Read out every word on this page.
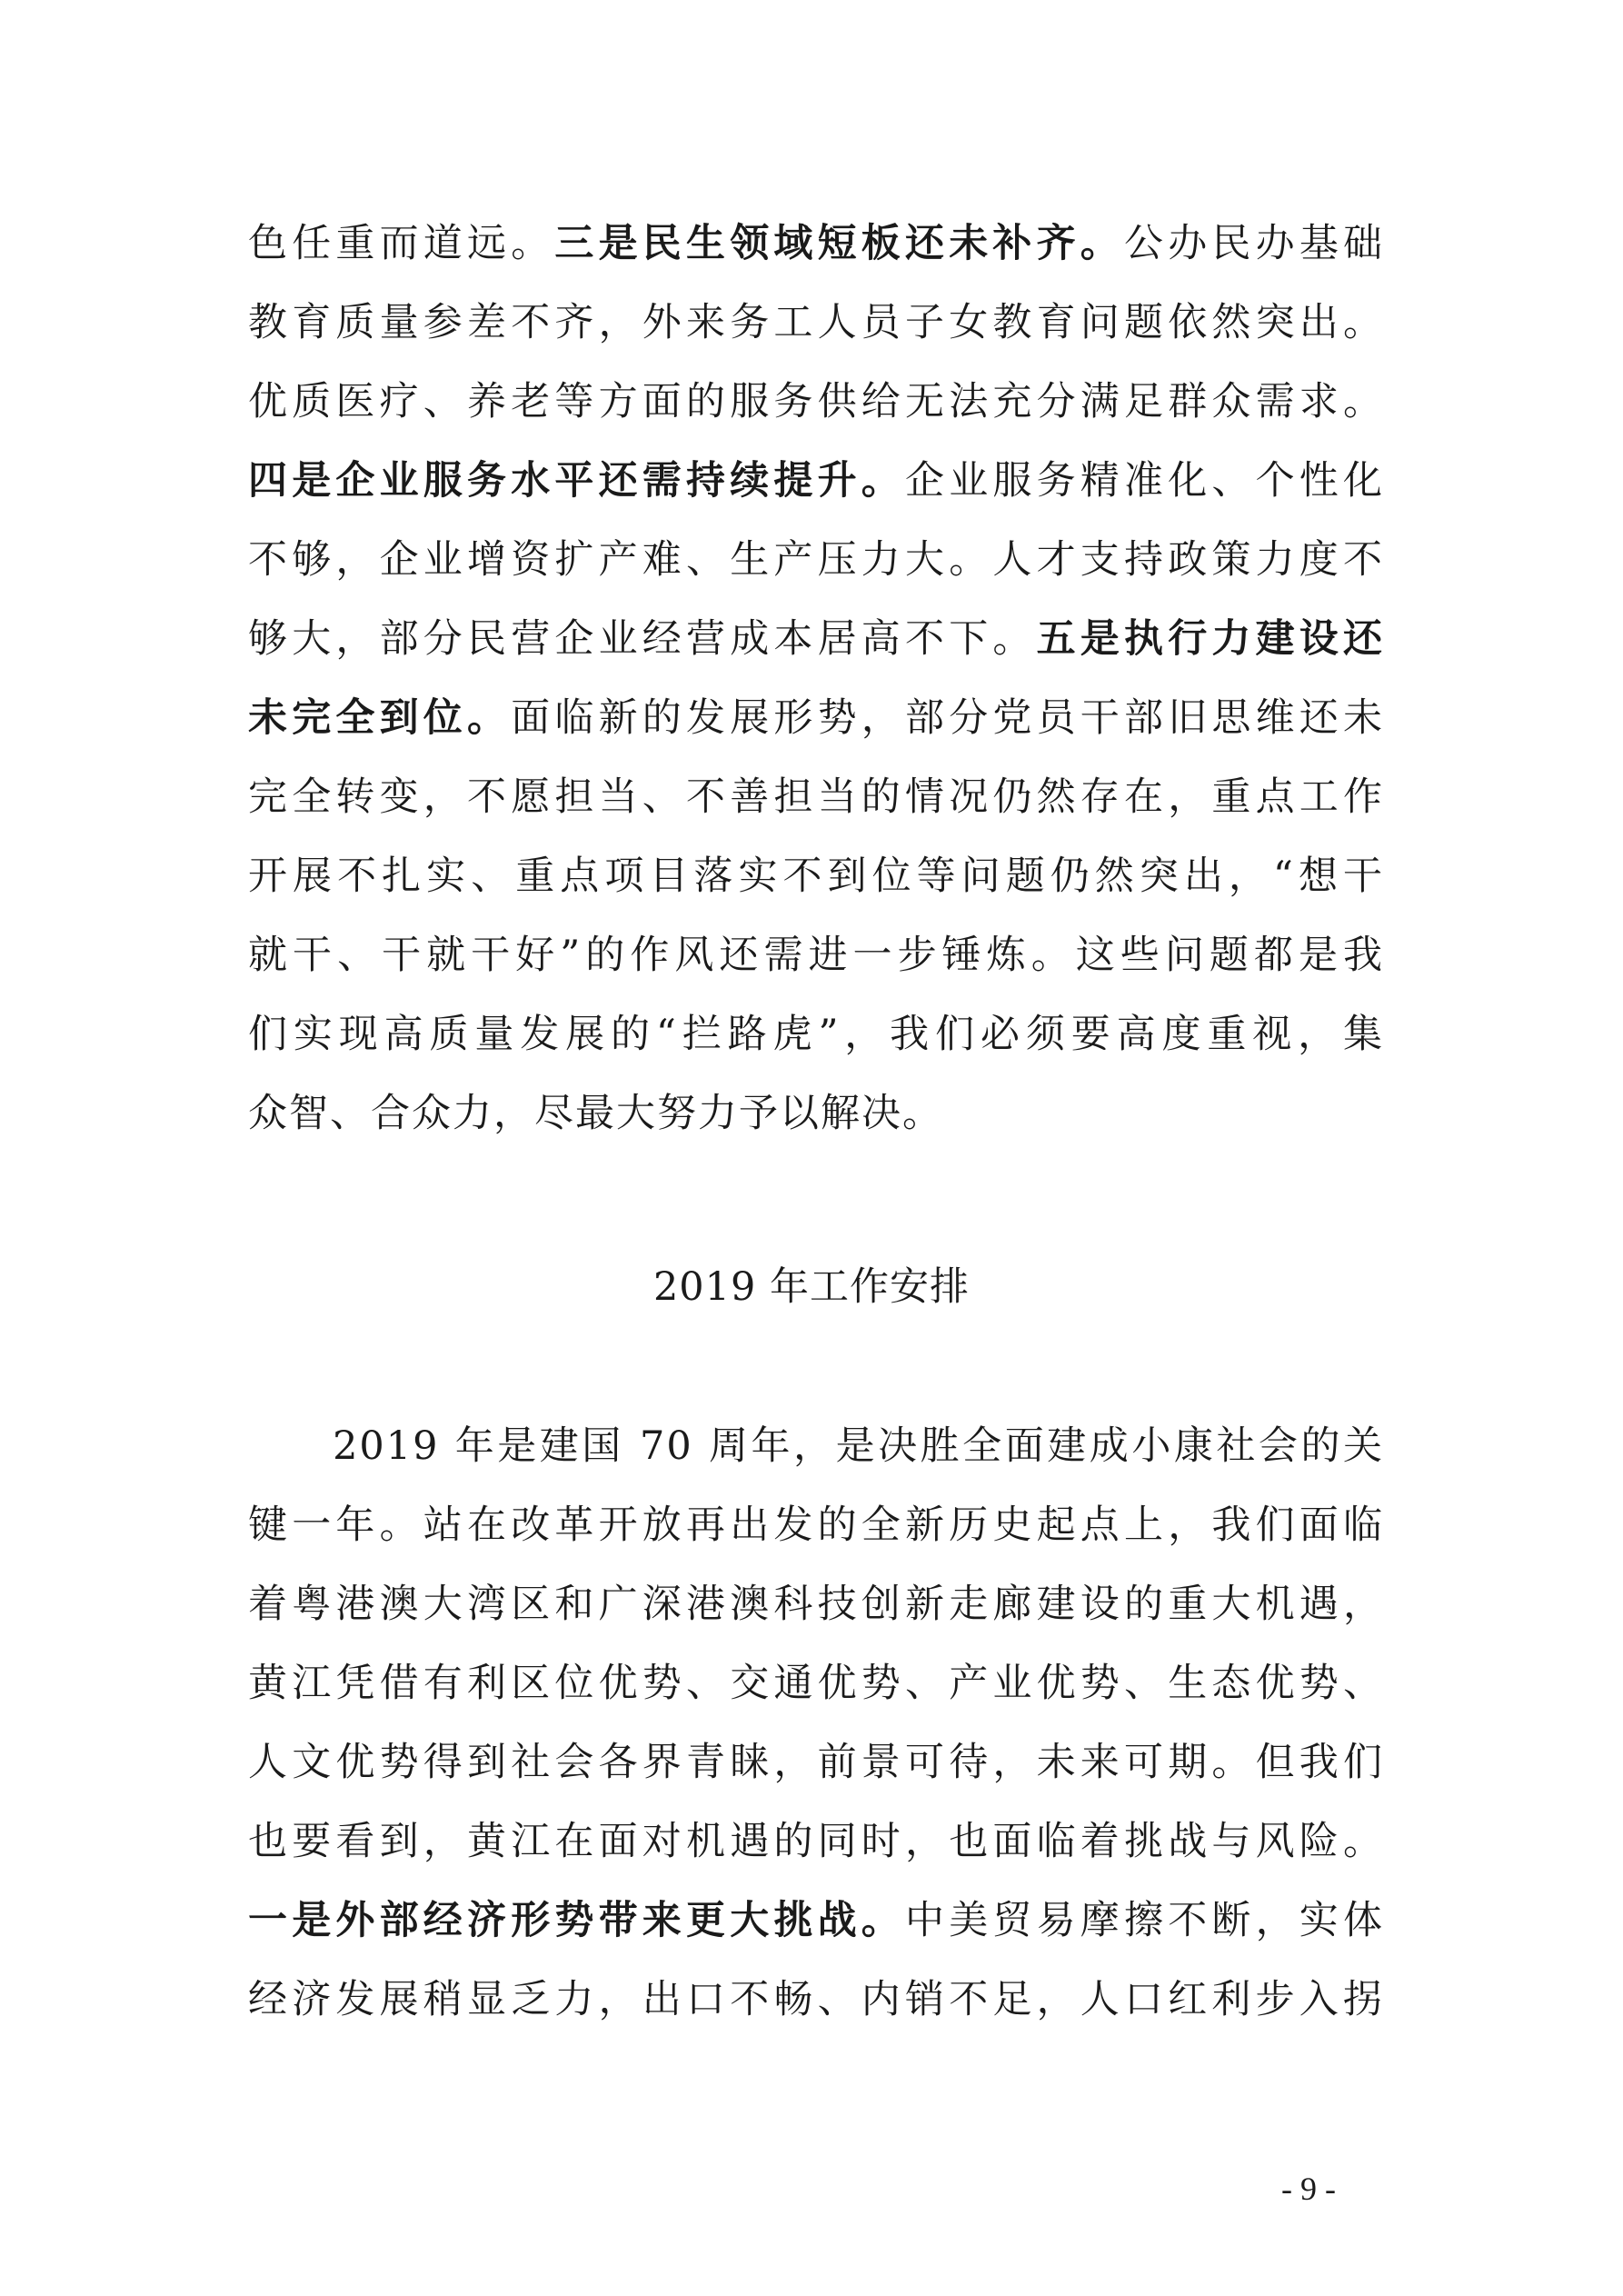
色任重而道远。三是民生领域短板还未补齐。公办民办基础
教育质量参差不齐，外来务工人员子女教育问题依然突出。
优质医疗、养老等方面的服务供给无法充分满足群众需求。
四是企业服务水平还需持续提升。企业服务精准化、个性化
不够，企业增资扩产难、生产压力大。人才支持政策力度不
够大，部分民营企业经营成本居高不下。五是执行力建设还
未完全到位。面临新的发展形势，部分党员干部旧思维还未
完全转变，不愿担当、不善担当的情况仍然存在，重点工作
开展不扎实、重点项目落实不到位等问题仍然突出，“想干
就干、干就干好”的作风还需进一步锤炼。这些问题都是我
们实现高质量发展的“拦路虎”，我们必须要高度重视，集
众智、合众力，尽最大努力予以解决。
2019 年工作安排
　　2019 年是建国 70 周年，是决胜全面建成小康社会的关
键一年。站在改革开放再出发的全新历史起点上，我们面临
着粤港澳大湾区和广深港澳科技创新走廊建设的重大机遇，
黄江凭借有利区位优势、交通优势、产业优势、生态优势、
人文优势得到社会各界青睐，前景可待，未来可期。但我们
也要看到，黄江在面对机遇的同时，也面临着挑战与风险。
一是外部经济形势带来更大挑战。中美贸易摩擦不断，实体
经济发展稍显乏力，出口不畅、内销不足，人口红利步入拐
- 9 -
